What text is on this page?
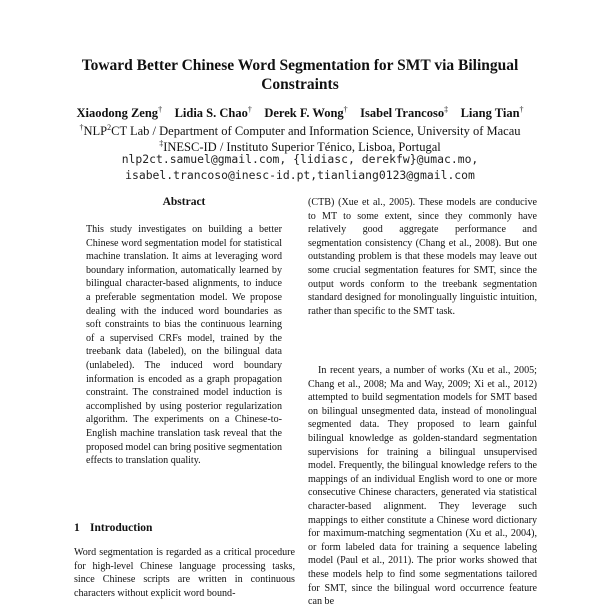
Toward Better Chinese Word Segmentation for SMT via Bilingual
Constraints
Xiaodong Zeng† Lidia S. Chao† Derek F. Wong† Isabel Trancoso‡ Liang Tian†
†NLP$^2$CT Lab / Department of Computer and Information Science, University of Macau
‡INESC-ID / Instituto Superior Ténico, Lisboa, Portugal
nlp2ct.samuel@gmail.com, {lidiasc, derekfw}@umac.mo,
isabel.trancoso@inesc-id.pt,tianliang0123@gmail.com
Abstract
This study investigates on building a better Chinese word segmentation model for statistical machine translation. It aims at leveraging word boundary information, automatically learned by bilingual character-based alignments, to induce a preferable segmentation model. We propose dealing with the induced word boundaries as soft constraints to bias the continuous learning of a supervised CRFs model, trained by the treebank data (labeled), on the bilingual data (unlabeled). The induced word boundary information is encoded as a graph propagation constraint. The constrained model induction is accomplished by using posterior regularization algorithm. The experiments on a Chinese-to-English machine translation task reveal that the proposed model can bring positive segmentation effects to translation quality.
1 Introduction
Word segmentation is regarded as a critical procedure for high-level Chinese language processing tasks, since Chinese scripts are written in continuous characters without explicit word bound-
(CTB) (Xue et al., 2005). These models are conducive to MT to some extent, since they commonly have relatively good aggregate performance and segmentation consistency (Chang et al., 2008). But one outstanding problem is that these models may leave out some crucial segmentation features for SMT, since the output words conform to the treebank segmentation standard designed for monolingually linguistic intuition, rather than specific to the SMT task.
In recent years, a number of works (Xu et al., 2005; Chang et al., 2008; Ma and Way, 2009; Xi et al., 2012) attempted to build segmentation models for SMT based on bilingual unsegmented data, instead of monolingual segmented data. They proposed to learn gainful bilingual knowledge as golden-standard segmentation supervisions for training a bilingual unsupervised model. Frequently, the bilingual knowledge refers to the mappings of an individual English word to one or more consecutive Chinese characters, generated via statistical character-based alignment. They leverage such mappings to either constitute a Chinese word dictionary for maximum-matching segmentation (Xu et al., 2004), or form labeled data for training a sequence labeling model (Paul et al., 2011). The prior works showed that these models help to find some segmentations tailored for SMT, since the bilingual word occurrence feature can be
